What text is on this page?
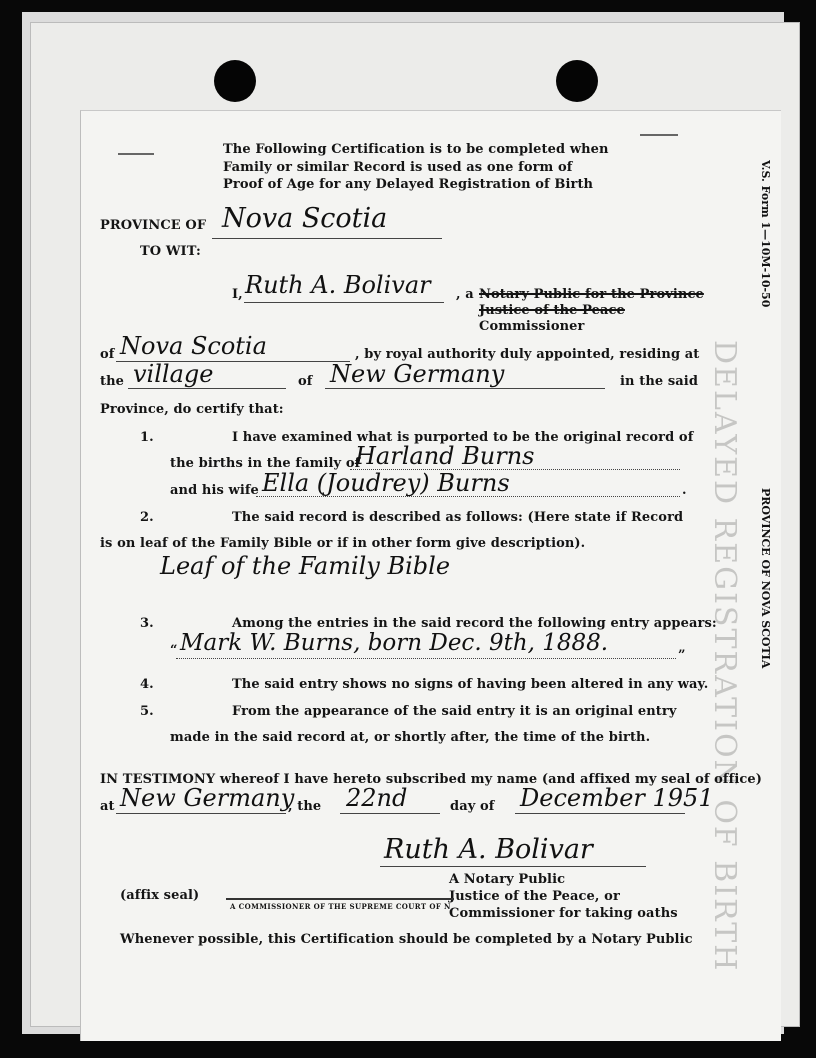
DELAYED REGISTRATION OF BIRTH
V.S. Form 1—10M-10-50
PROVINCE OF NOVA SCOTIA
The Following Certification is to be completed when
Family or similar Record is used as one form of
Proof of Age for any Delayed Registration of Birth
PROVINCE OF Nova Scotia
TO WIT:
I, Ruth A. Bolivar , a Notary Public for the Province
Justice of the Peace
Commissioner
of Nova Scotia	, by royal authority duly appointed, residing at
the village	of New Germany	in the said
Province, do certify that:
1.	I have examined what is purported to be the original record of
the births in the family of
Harland Burns
and his wife Ella (Joudrey) Burns	.
2.	The said record is described as follows: (Here state if Record
is on leaf of the Family Bible or if in other form give description).
Leaf of the Family Bible
3.	Among the entries in the said record the following entry appears:
“ Mark W. Burns, born Dec. 9th, 1888.	”
4.	The said entry shows no signs of having been altered in any way.
5.	From the appearance of the said entry it is an original entry
made in the said record at, or shortly after, the time of the birth.
IN TESTIMONY whereof I have hereto subscribed my name (and affixed my seal of office)
at New Germany
, the 22nd	day of December 1951
Ruth A. Bolivar
A Notary Public
Justice of the Peace, or
Commissioner for taking oaths
(affix seal)
A COMMISSIONER OF THE SUPREME COURT OF N
Whenever possible, this Certification should be completed by a Notary Public
